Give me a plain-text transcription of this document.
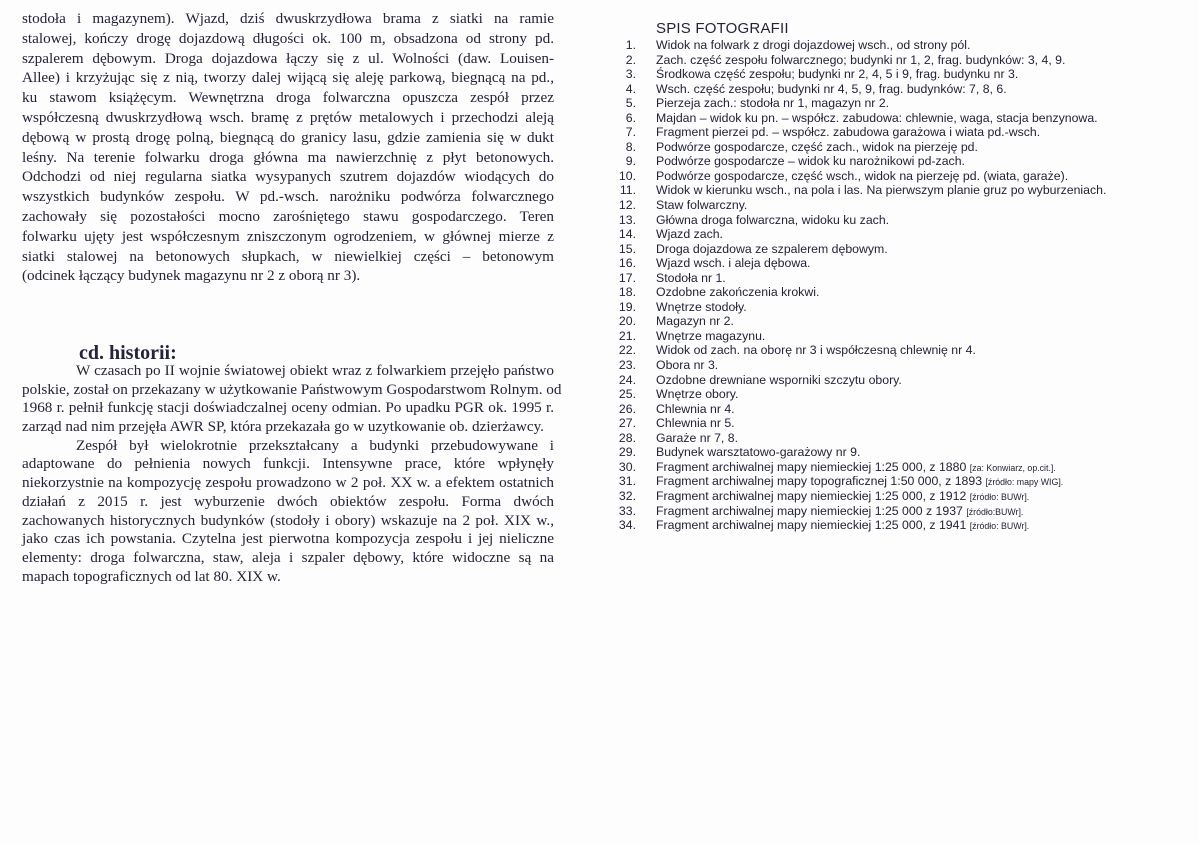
stodoła i magazynem). Wjazd, dziś dwuskrzydłowa brama z siatki na ramie
stalowej, kończy drogę dojazdową długości ok. 100 m, obsadzona od strony pd.
szpalerem dębowym. Droga dojazdowa łączy się z ul. Wolności (daw. Louisen-
Allee) i krzyżując się z nią, tworzy dalej wijącą się aleję parkową, biegnącą na pd.,
ku stawom książęcym. Wewnętrzna droga folwarczna opuszcza zespół przez
współczesną dwuskrzydłową wsch. bramę z prętów metalowych i przechodzi aleją
dębową w prostą drogę polną, biegnącą do granicy lasu, gdzie zamienia się w dukt
leśny. Na terenie folwarku droga główna ma nawierzchnię z płyt betonowych.
Odchodzi od niej regularna siatka wysypanych szutrem dojazdów wiodących do
wszystkich budynków zespołu. W pd.-wsch. narożniku podwórza folwarcznego
zachowały się pozostałości mocno zarośniętego stawu gospodarczego. Teren
folwarku ujęty jest współczesnym zniszczonym ogrodzeniem, w głównej mierze z
siatki stalowej na betonowych słupkach, w niewielkiej części – betonowym
(odcinek łączący budynek magazynu nr 2 z oborą nr 3).
cd. historii:
W czasach po II wojnie światowej obiekt wraz z folwarkiem przejęło państwo
polskie, został on przekazany w użytkowanie Państwowym Gospodarstwom Rolnym. od
1968 r. pełnił funkcję stacji doświadczalnej oceny odmian. Po upadku PGR ok. 1995 r.
zarząd nad nim przejęła AWR SP, która przekazała go w uzytkowanie ob. dzierżawcy.
Zespół był wielokrotnie przekształcany a budynki przebudowywane i
adaptowane do pełnienia nowych funkcji. Intensywne prace, które wpłynęły
niekorzystnie na kompozycję zespołu prowadzono w 2 poł. XX w. a efektem ostatnich
działań z 2015 r. jest wyburzenie dwóch obiektów zespołu. Forma dwóch
zachowanych historycznych budynków (stodoły i obory) wskazuje na 2 poł. XIX w.,
jako czas ich powstania. Czytelna jest pierwotna kompozycja zespołu i jej nieliczne
elementy: droga folwarczna, staw, aleja i szpaler dębowy, które widoczne są na
mapach topograficznych od lat 80. XIX w.
SPIS FOTOGRAFII
1. Widok na folwark z drogi dojazdowej wsch., od strony pól.
2. Zach. część zespołu folwarcznego; budynki nr 1, 2, frag. budynków: 3, 4, 9.
3. Środkowa część zespołu; budynki nr 2, 4, 5 i 9, frag. budynku nr 3.
4. Wsch. część zespołu; budynki nr 4, 5, 9, frag. budynków: 7, 8, 6.
5. Pierzeja zach.: stodoła nr 1, magazyn nr 2.
6. Majdan – widok ku pn. – współcz. zabudowa: chlewnie, waga, stacja benzynowa.
7. Fragment pierzei pd. – współcz. zabudowa garażowa i wiata pd.-wsch.
8. Podwórze gospodarcze, część zach., widok na pierzeję pd.
9. Podwórze gospodarcze – widok ku narożnikowi pd-zach.
10. Podwórze gospodarcze, część wsch., widok na pierzeję pd. (wiata, garaże).
11. Widok w kierunku wsch., na pola i las. Na pierwszym planie gruz po wyburzeniach.
12. Staw folwarczny.
13. Główna droga folwarczna, widoku ku zach.
14. Wjazd zach.
15. Droga dojazdowa ze szpalerem dębowym.
16. Wjazd wsch. i aleja dębowa.
17. Stodoła nr 1.
18. Ozdobne zakończenia krokwi.
19. Wnętrze stodoły.
20. Magazyn nr 2.
21. Wnętrze magazynu.
22. Widok od zach. na oborę nr 3 i współczesną chlewnię nr 4.
23. Obora nr 3.
24. Ozdobne drewniane wsporniki szczytu obory.
25. Wnętrze obory.
26. Chlewnia nr 4.
27. Chlewnia nr 5.
28. Garaże nr 7, 8.
29. Budynek warsztatowo-garażowy nr 9.
30. Fragment archiwalnej mapy niemieckiej 1:25 000, z 1880 [za: Konwiarz, op.cit.].
31. Fragment archiwalnej mapy topograficznej 1:50 000, z 1893 [źródło: mapy WIG].
32. Fragment archiwalnej mapy niemieckiej 1:25 000, z 1912 [źródło: BUWr].
33. Fragment archiwalnej mapy niemieckiej 1:25 000 z 1937 [źródło:BUWr].
34. Fragment archiwalnej mapy niemieckiej 1:25 000, z 1941 [źródło: BUWr].
